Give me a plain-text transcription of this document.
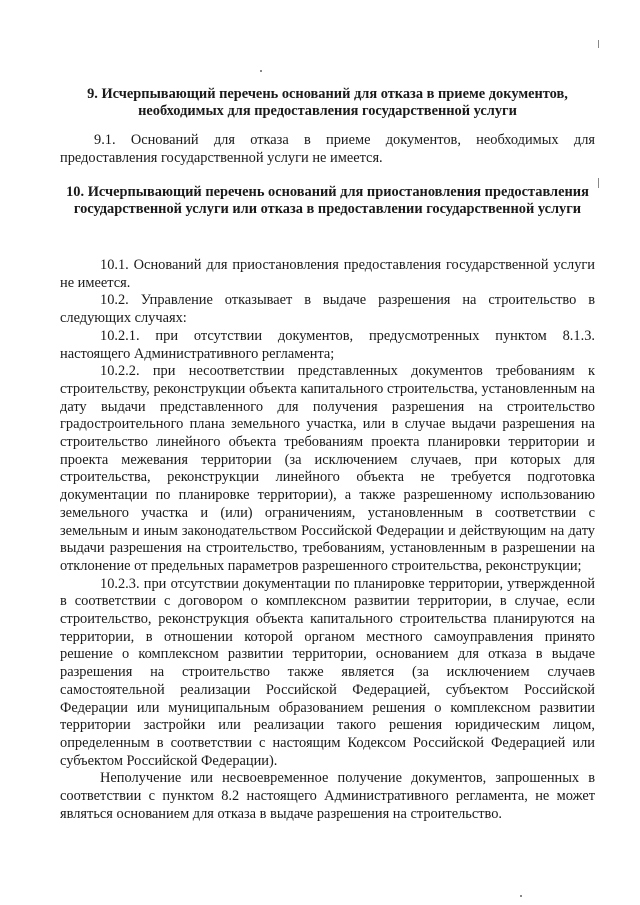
9. Исчерпывающий перечень оснований для отказа в приеме документов, необходимых для предоставления государственной услуги

9.1. Оснований для отказа в приеме документов, необходимых для предоставления государственной услуги не имеется.

10. Исчерпывающий перечень оснований для приостановления предоставления государственной услуги или отказа в предоставлении государственной услуги

10.1. Оснований для приостановления предоставления государственной услуги не имеется.

10.2. Управление отказывает в выдаче разрешения на строительство в следующих случаях:

10.2.1. при отсутствии документов, предусмотренных пунктом 8.1.3. настоящего Административного регламента;

10.2.2. при несоответствии представленных документов требованиям к строительству, реконструкции объекта капитального строительства, установленным на дату выдачи представленного для получения разрешения на строительство градостроительного плана земельного участка, или в случае выдачи разрешения на строительство линейного объекта требованиям проекта планировки территории и проекта межевания территории (за исключением случаев, при которых для строительства, реконструкции линейного объекта не требуется подготовка документации по планировке территории), а также разрешенному использованию земельного участка и (или) ограничениям, установленным в соответствии с земельным и иным законодательством Российской Федерации и действующим на дату выдачи разрешения на строительство, требованиям, установленным в разрешении на отклонение от предельных параметров разрешенного строительства, реконструкции;

10.2.3. при отсутствии документации по планировке территории, утвержденной в соответствии с договором о комплексном развитии территории, в случае, если строительство, реконструкция объекта капитального строительства планируются на территории, в отношении которой органом местного самоуправления принято решение о комплексном развитии территории, основанием для отказа в выдаче разрешения на строительство также является (за исключением случаев самостоятельной реализации Российской Федерацией, субъектом Российской Федерации или муниципальным образованием решения о комплексном развитии территории застройки или реализации такого решения юридическим лицом, определенным в соответствии с настоящим Кодексом Российской Федерацией или субъектом Российской Федерации).

Неполучение или несвоевременное получение документов, запрошенных в соответствии с пунктом 8.2 настоящего Административного регламента, не может являться основанием для отказа в выдаче разрешения на строительство.
